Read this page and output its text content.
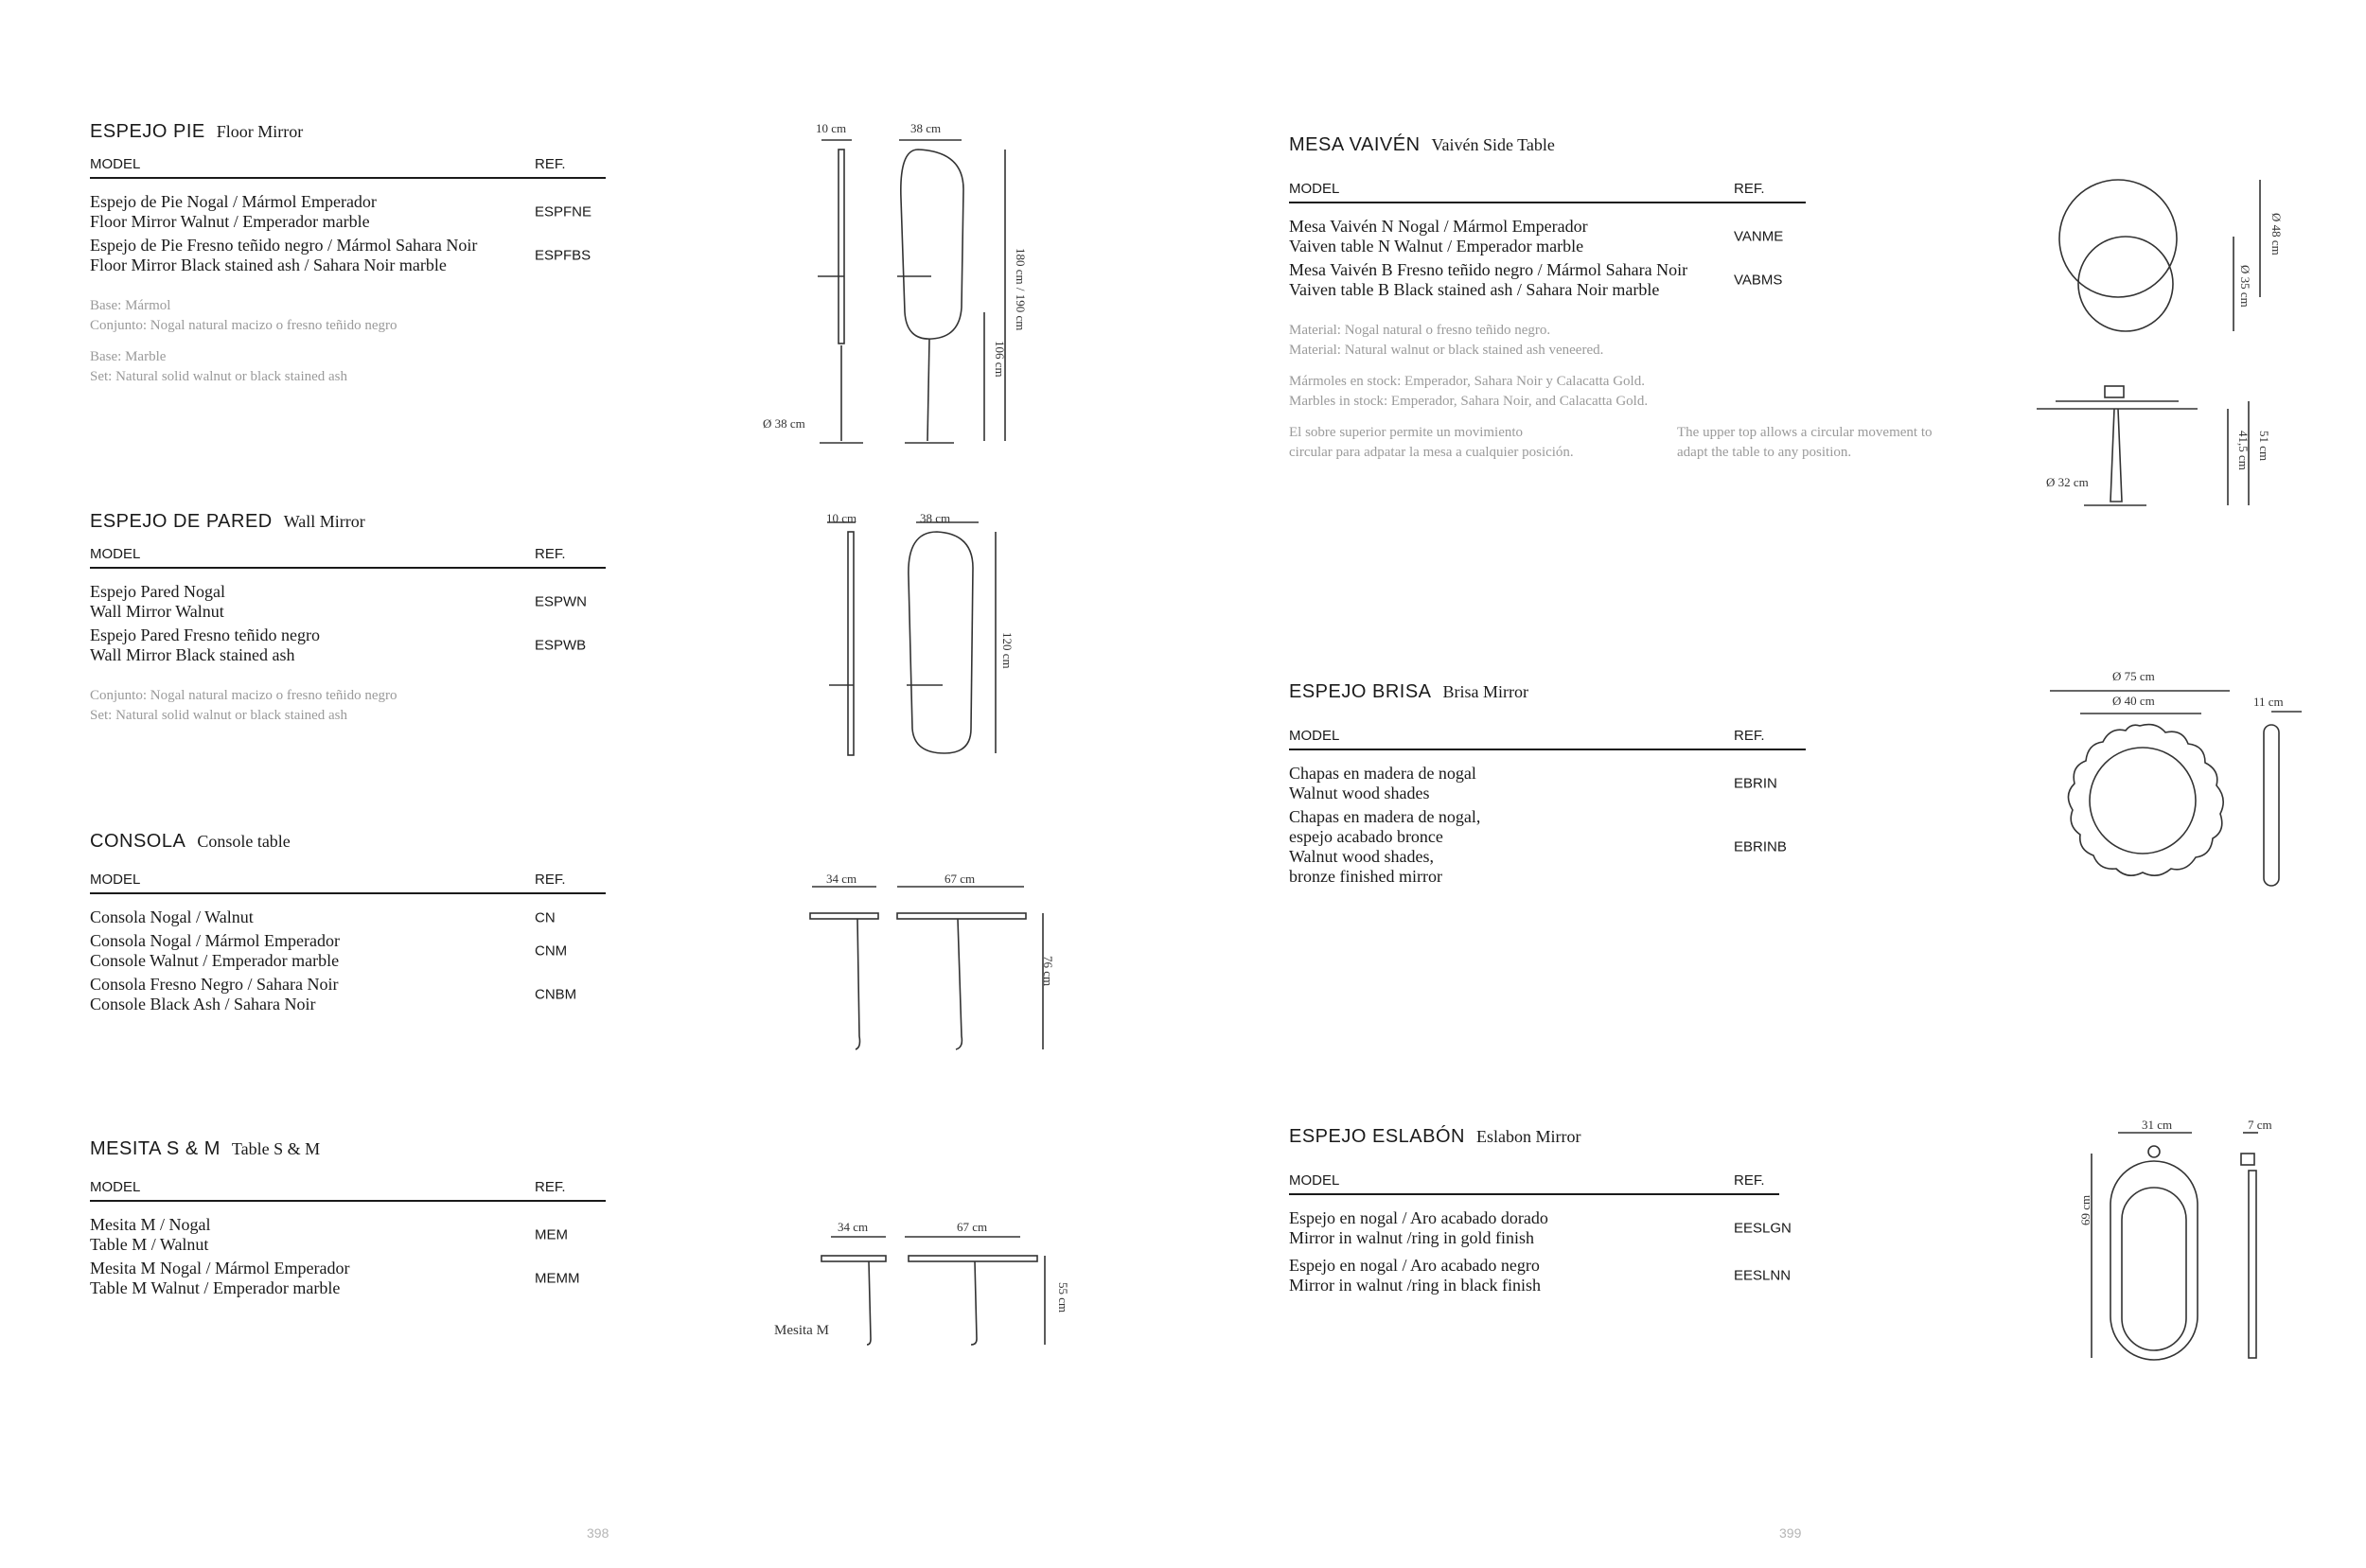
ESPEJO PIE Floor Mirror
MODEL	REF.
Espejo de Pie Nogal / Mármol Emperador
Floor Mirror Walnut / Emperador marble	ESPFNE
Espejo de Pie Fresno teñido negro / Mármol Sahara Noir
Floor Mirror Black stained ash / Sahara Noir marble	ESPFBS

Base: Mármol
Conjunto: Nogal natural macizo o fresno teñido negro

Base: Marble
Set: Natural solid walnut or black stained ash

ESPEJO DE PARED Wall Mirror
MODEL	REF.
Espejo Pared Nogal
Wall Mirror Walnut	ESPWN
Espejo Pared Fresno teñido negro
Wall Mirror Black stained ash	ESPWB

Conjunto: Nogal natural macizo o fresno teñido negro
Set: Natural solid walnut or black stained ash

CONSOLA Console table
MODEL	REF.
Consola Nogal / Walnut	CN
Consola Nogal / Mármol Emperador
Console Walnut / Emperador marble	CNM
Consola Fresno Negro / Sahara Noir
Console Black Ash / Sahara Noir	CNBM
MESITA S & M Table S & M
MODEL	REF.
Mesita M / Nogal
Table M / Walnut	MEM
Mesita M Nogal / Mármol Emperador
Table M Walnut / Emperador marble	MEMM
10 cm	38 cm
180 cm / 190 cm
106 cm
Ø 38 cm
10 cm	38 cm
120 cm
34 cm	67 cm
76 cm
34 cm	67 cm
55 cm
Mesita M
398
MESA VAIVÉN Vaivén Side Table
MODEL	REF.
Mesa Vaivén N Nogal / Mármol Emperador
Vaiven table N Walnut / Emperador marble	VANME
Mesa Vaivén B Fresno teñido negro / Mármol Sahara Noir
Vaiven table B Black stained ash / Sahara Noir marble	VABMS

Material: Nogal natural o fresno teñido negro.
Material: Natural walnut or black stained ash veneered.

Mármoles en stock: Emperador, Sahara Noir y Calacatta Gold.
Marbles in stock: Emperador, Sahara Noir, and Calacatta Gold.

El sobre superior permite un movimiento
circular para adpatar la mesa a cualquier posición.
The upper top allows a circular movement to
adapt the table to any position.
ESPEJO BRISA Brisa Mirror
MODEL	REF.
Chapas en madera de nogal
Walnut wood shades	EBRIN
Chapas en madera de nogal,
espejo acabado bronce
Walnut wood shades,
bronze finished mirror
EBRINB
ESPEJO ESLABÓN Eslabon Mirror
MODEL	REF.
Espejo en nogal / Aro acabado dorado
Mirror in walnut /ring in gold finish	EESLGN
Espejo en nogal / Aro acabado negro
Mirror in walnut /ring in black finish	EESLNN
Ø 48 cm
Ø 35 cm
51 cm
41,5 cm
Ø 32 cm
Ø 75 cm
Ø 40 cm	11 cm
31 cm	7 cm
69 cm
399
